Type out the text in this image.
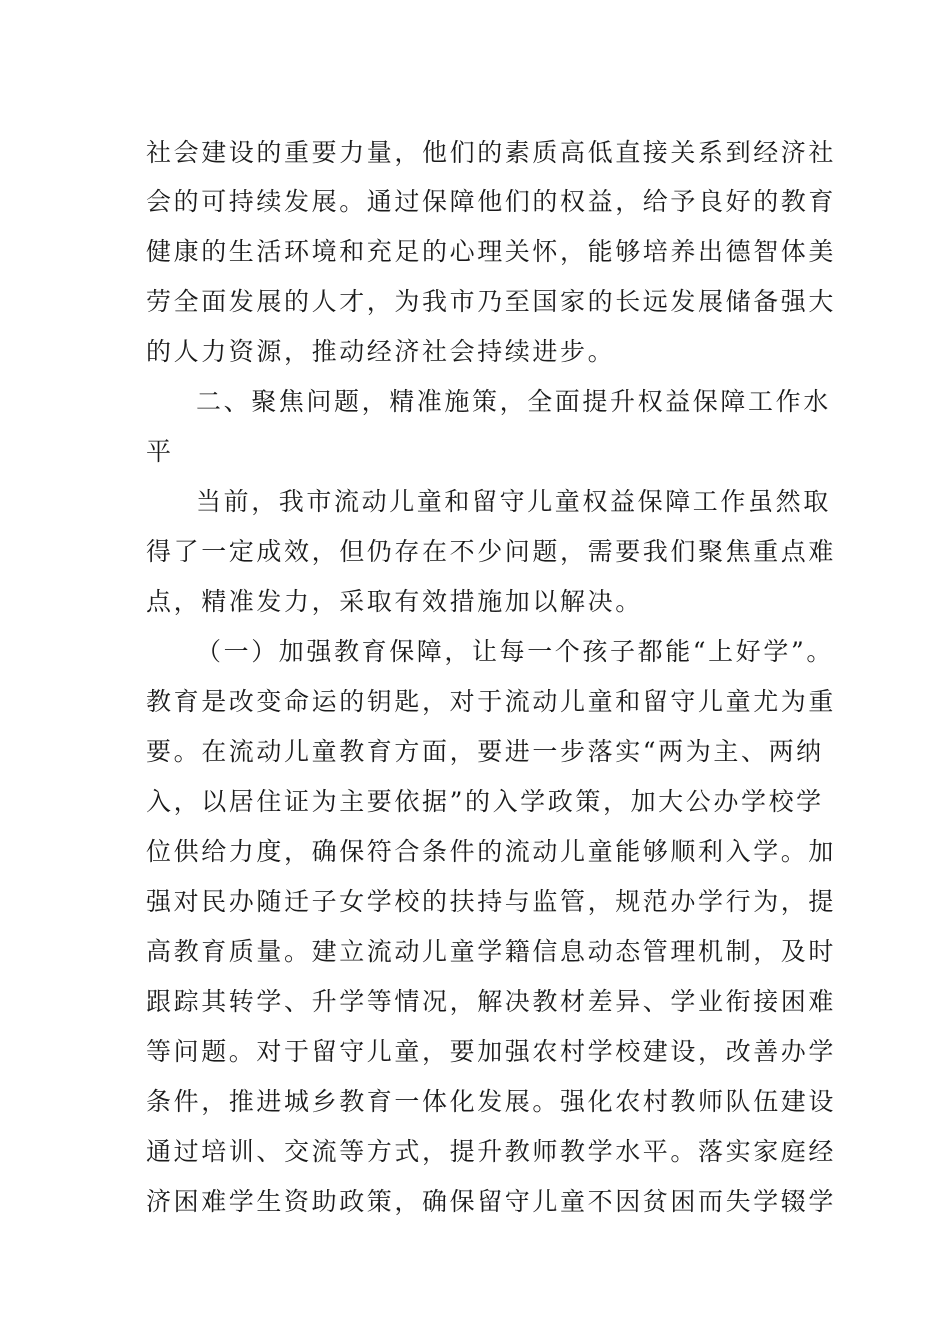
社会建设的重要力量，他们的素质高低直接关系到经济社

会的可持续发展。通过保障他们的权益，给予良好的教育

健康的生活环境和充足的心理关怀，能够培养出德智体美

劳全面发展的人才，为我市乃至国家的长远发展储备强大

的人力资源，推动经济社会持续进步。

二、聚焦问题，精准施策，全面提升权益保障工作水

平

当前，我市流动儿童和留守儿童权益保障工作虽然取

得了一定成效，但仍存在不少问题，需要我们聚焦重点难

点，精准发力，采取有效措施加以解决。

（一）加强教育保障，让每一个孩子都能“上好学”。

教育是改变命运的钥匙，对于流动儿童和留守儿童尤为重

要。在流动儿童教育方面，要进一步落实“两为主、两纳

入，以居住证为主要依据”的入学政策，加大公办学校学

位供给力度，确保符合条件的流动儿童能够顺利入学。加

强对民办随迁子女学校的扶持与监管，规范办学行为，提

高教育质量。建立流动儿童学籍信息动态管理机制，及时

跟踪其转学、升学等情况，解决教材差异、学业衔接困难

等问题。对于留守儿童，要加强农村学校建设，改善办学

条件，推进城乡教育一体化发展。强化农村教师队伍建设

通过培训、交流等方式，提升教师教学水平。落实家庭经

济困难学生资助政策，确保留守儿童不因贫困而失学辍学
